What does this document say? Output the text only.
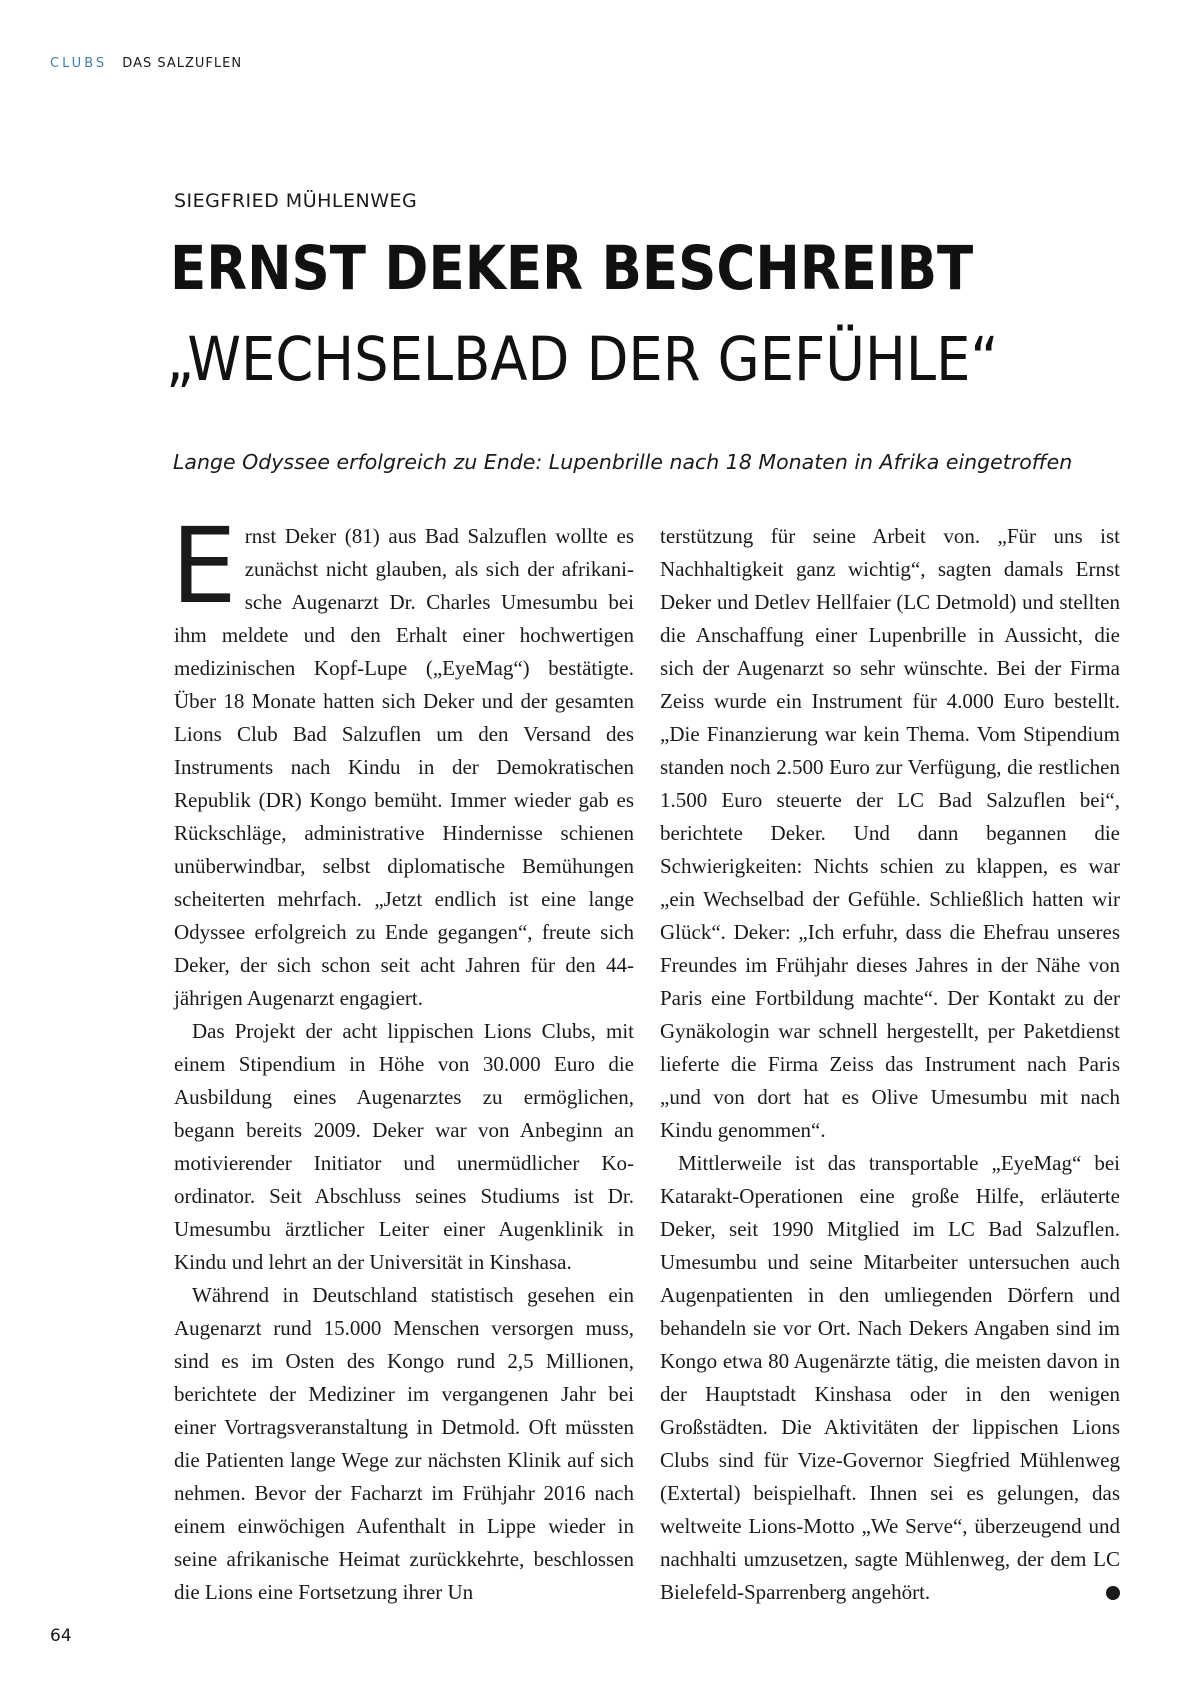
CLUBS DAS SALZUFLEN
SIEGFRIED MÜHLENWEG
ERNST DEKER BESCHREIBT
„WECHSELBAD DER GEFÜHLE“
Lange Odyssee erfolgreich zu Ende: Lupenbrille nach 18 Monaten in Afrika eingetroffen

Ernst Deker (81) aus Bad Salzuflen wollte es zunächst nicht glauben, als sich der afrikanische Augenarzt Dr. Charles Umesumbu bei ihm meldete und den Erhalt einer hochwertigen medizinischen Kopf-Lupe („EyeMag“) bestätigte. Über 18 Monate hatten sich Deker und der gesamten Lions Club Bad Salzuflen um den Versand des Instruments nach Kindu in der Demokratischen Republik (DR) Kongo bemüht. Immer wieder gab es Rückschläge, administrative Hindernisse schienen unüberwindbar, selbst diplomatische Bemühungen scheiterten mehrfach. „Jetzt endlich ist eine lange Odyssee erfolgreich zu Ende gegangen“, freute sich Deker, der sich schon seit acht Jahren für den 44-jährigen Augenarzt engagiert.

Das Projekt der acht lippischen Lions Clubs, mit einem Stipendium in Höhe von 30.000 Euro die Ausbildung eines Augenarztes zu ermöglichen, begann bereits 2009. Deker war von Anbeginn an motivierender Initiator und unermüdlicher Koordinator. Seit Abschluss seines Studiums ist Dr. Umesumbu ärztlicher Leiter einer Augenklinik in Kindu und lehrt an der Universität in Kinshasa.

Während in Deutschland statistisch gesehen ein Augenarzt rund 15.000 Menschen versorgen muss, sind es im Osten des Kongo rund 2,5 Millionen, berichtete der Mediziner im vergangenen Jahr bei einer Vortragsveranstaltung in Detmold. Oft müssten die Patienten lange Wege zur nächsten Klinik auf sich nehmen. Bevor der Facharzt im Frühjahr 2016 nach einem einwöchigen Aufenthalt in Lippe wieder in seine afrikanische Heimat zurückkehrte, beschlossen die Lions eine Fortsetzung ihrer Un

terstützung für seine Arbeit von. „Für uns ist Nachhaltigkeit ganz wichtig“, sagten damals Ernst Deker und Detlev Hellfaier (LC Detmold) und stellten die Anschaffung einer Lupenbrille in Aussicht, die sich der Augenarzt so sehr wünschte. Bei der Firma Zeiss wurde ein Instrument für 4.000 Euro bestellt. „Die Finanzierung war kein Thema. Vom Stipendium standen noch 2.500 Euro zur Verfügung, die restlichen 1.500 Euro steuerte der LC Bad Salzuflen bei“, berichtete Deker. Und dann begannen die Schwierigkeiten: Nichts schien zu klappen, es war „ein Wechselbad der Gefühle. Schließlich hatten wir Glück“. Deker: „Ich erfuhr, dass die Ehefrau unseres Freundes im Frühjahr dieses Jahres in der Nähe von Paris eine Fortbildung machte“. Der Kontakt zu der Gynäkologin war schnell hergestellt, per Paketdienst lieferte die Firma Zeiss das Instrument nach Paris „und von dort hat es Olive Umesumbu mit nach Kindu genommen“.

Mittlerweile ist das transportable „EyeMag“ bei Katarakt-Operationen eine große Hilfe, erläuterte Deker, seit 1990 Mitglied im LC Bad Salzuflen. Umesumbu und seine Mitarbeiter untersuchen auch Augenpatienten in den umliegenden Dörfern und behandeln sie vor Ort. Nach Dekers Angaben sind im Kongo etwa 80 Augenärzte tätig, die meisten davon in der Hauptstadt Kinshasa oder in den wenigen Großstädten. Die Aktivitäten der lippischen Lions Clubs sind für Vize-Governor Siegfried Mühlenweg (Extertal) beispielhaft. Ihnen sei es gelungen, das weltweite Lions-Motto „We Serve“, überzeugend und nachhalti umzusetzen, sagte Mühlenweg, der dem LC Bielefeld-Sparrenberg angehört.	L

64
